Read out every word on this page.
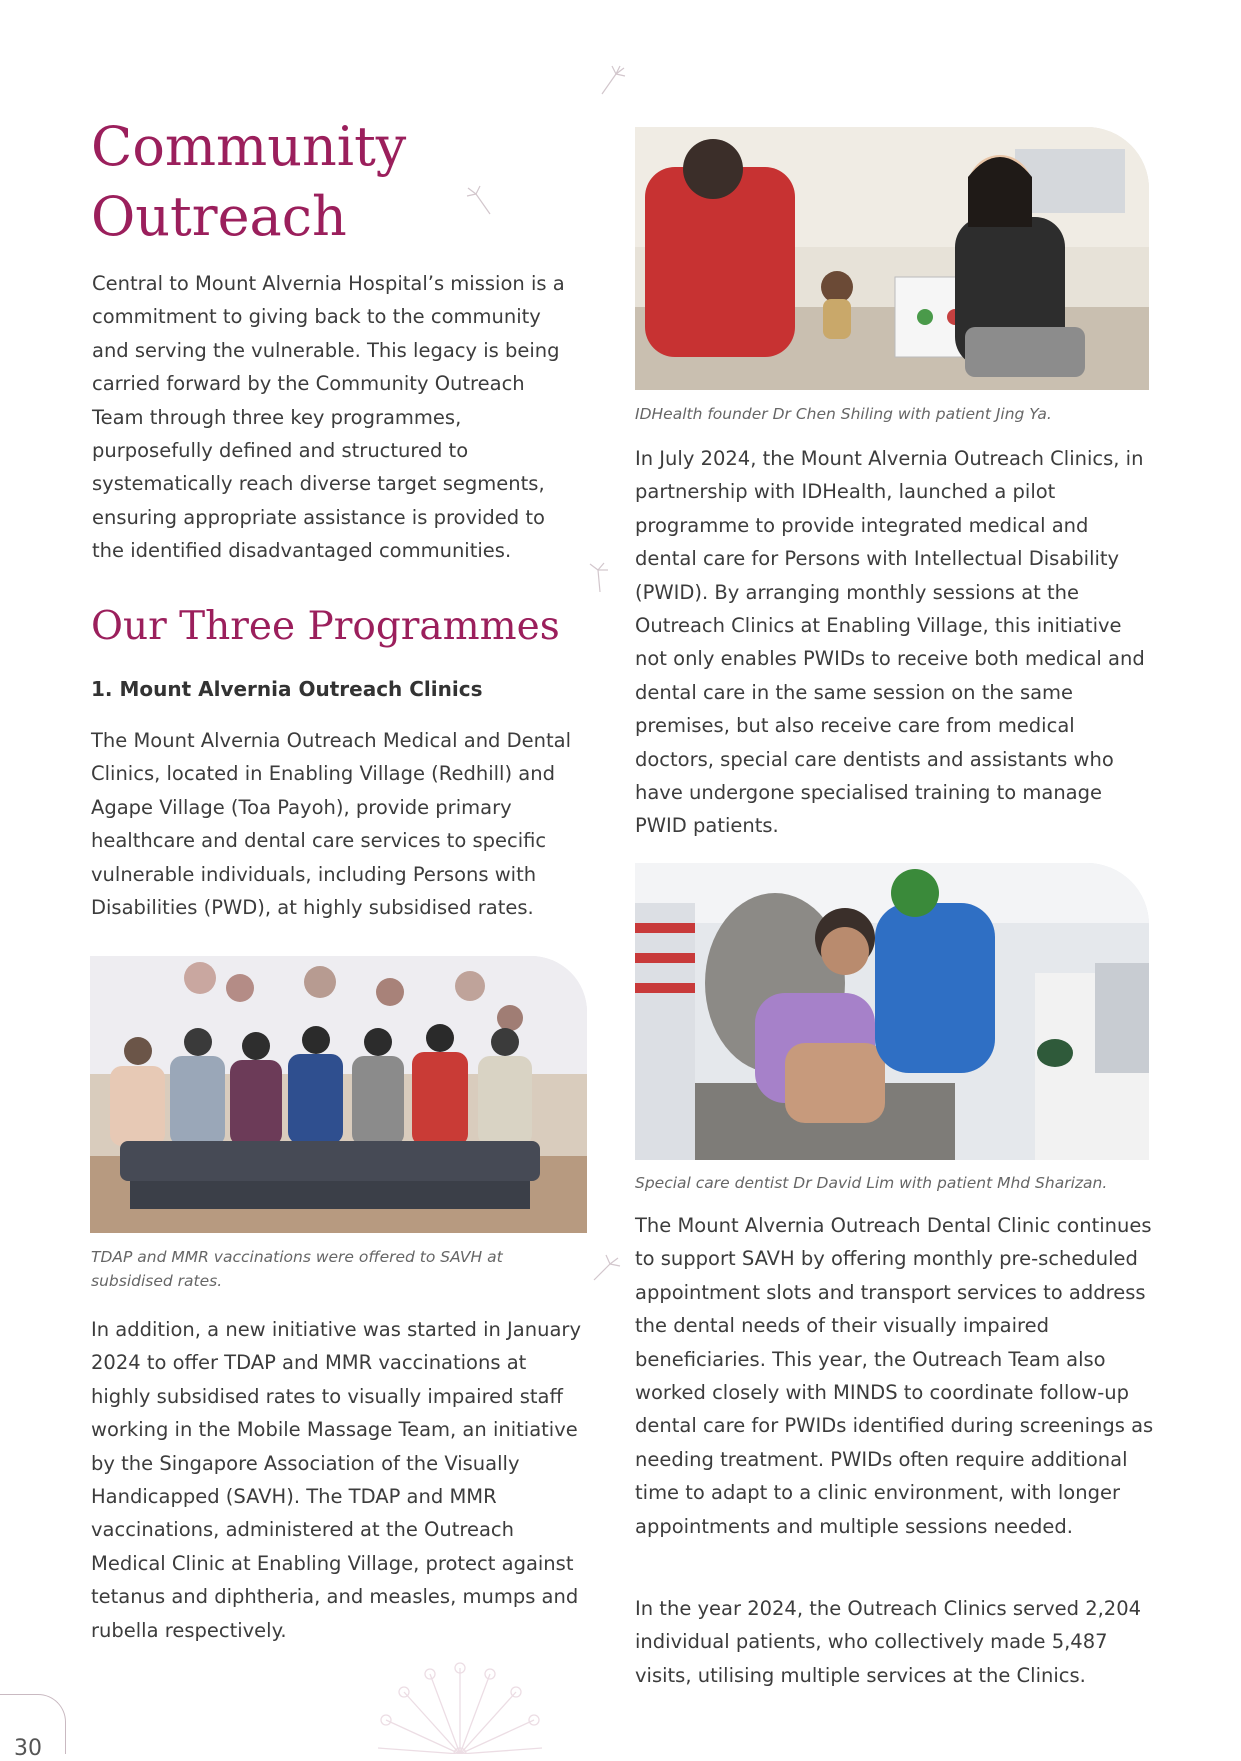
Community
Outreach

Central to Mount Alvernia Hospital’s mission is a commitment to giving back to the community and serving the vulnerable. This legacy is being carried forward by the Community Outreach Team through three key programmes, purposefully defined and structured to systematically reach diverse target segments, ensuring appropriate assistance is provided to the identified disadvantaged communities.

Our Three Programmes
1. Mount Alvernia Outreach Clinics

The Mount Alvernia Outreach Medical and Dental Clinics, located in Enabling Village (Redhill) and Agape Village (Toa Payoh), provide primary healthcare and dental care services to specific vulnerable individuals, including Persons with Disabilities (PWD), at highly subsidised rates.

TDAP and MMR vaccinations were offered to SAVH at subsidised rates.

In addition, a new initiative was started in January 2024 to offer TDAP and MMR vaccinations at highly subsidised rates to visually impaired staff working in the Mobile Massage Team, an initiative by the Singapore Association of the Visually Handicapped (SAVH). The TDAP and MMR vaccinations, administered at the Outreach Medical Clinic at Enabling Village, protect against tetanus and diphtheria, and measles, mumps and rubella respectively.

IDHealth founder Dr Chen Shiling with patient Jing Ya.

In July 2024, the Mount Alvernia Outreach Clinics, in partnership with IDHealth, launched a pilot programme to provide integrated medical and dental care for Persons with Intellectual Disability (PWID). By arranging monthly sessions at the Outreach Clinics at Enabling Village, this initiative not only enables PWIDs to receive both medical and dental care in the same session on the same premises, but also receive care from medical doctors, special care dentists and assistants who have undergone specialised training to manage PWID patients.

Special care dentist Dr David Lim with patient Mhd Sharizan.

The Mount Alvernia Outreach Dental Clinic continues to support SAVH by offering monthly pre-scheduled appointment slots and transport services to address the dental needs of their visually impaired beneficiaries. This year, the Outreach Team also worked closely with MINDS to coordinate follow-up dental care for PWIDs identified during screenings as needing treatment. PWIDs often require additional time to adapt to a clinic environment, with longer appointments and multiple sessions needed.

In the year 2024, the Outreach Clinics served 2,204 individual patients, who collectively made 5,487 visits, utilising multiple services at the Clinics.

30
